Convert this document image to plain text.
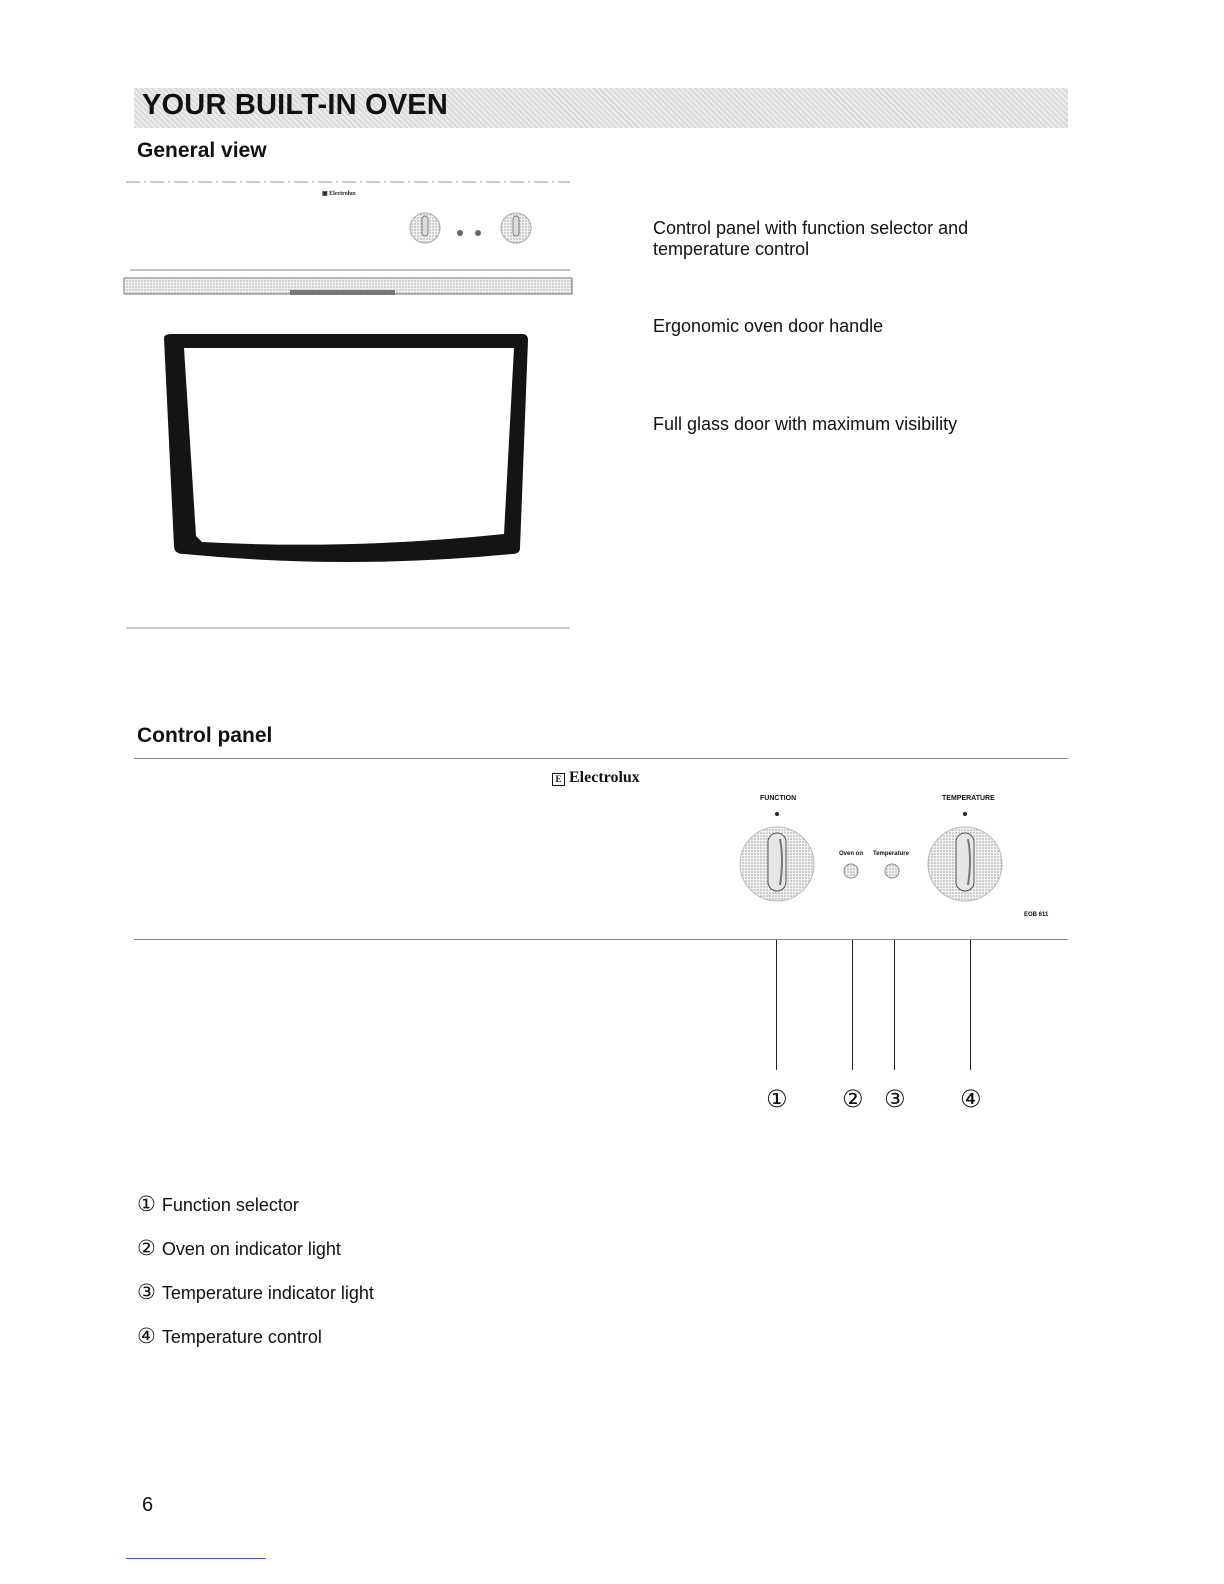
YOUR BUILT-IN OVEN
General view
▣ Electrolux
Control panel with function selector and temperature control
Ergonomic oven door handle
Full glass door with maximum visibility
Control panel
E Electrolux
FUNCTION	TEMPERATURE
Oven on Temperature
EOB 611
① ② ③ ④
① Function selector
② Oven on indicator light
③ Temperature indicator light
④ Temperature control
6
